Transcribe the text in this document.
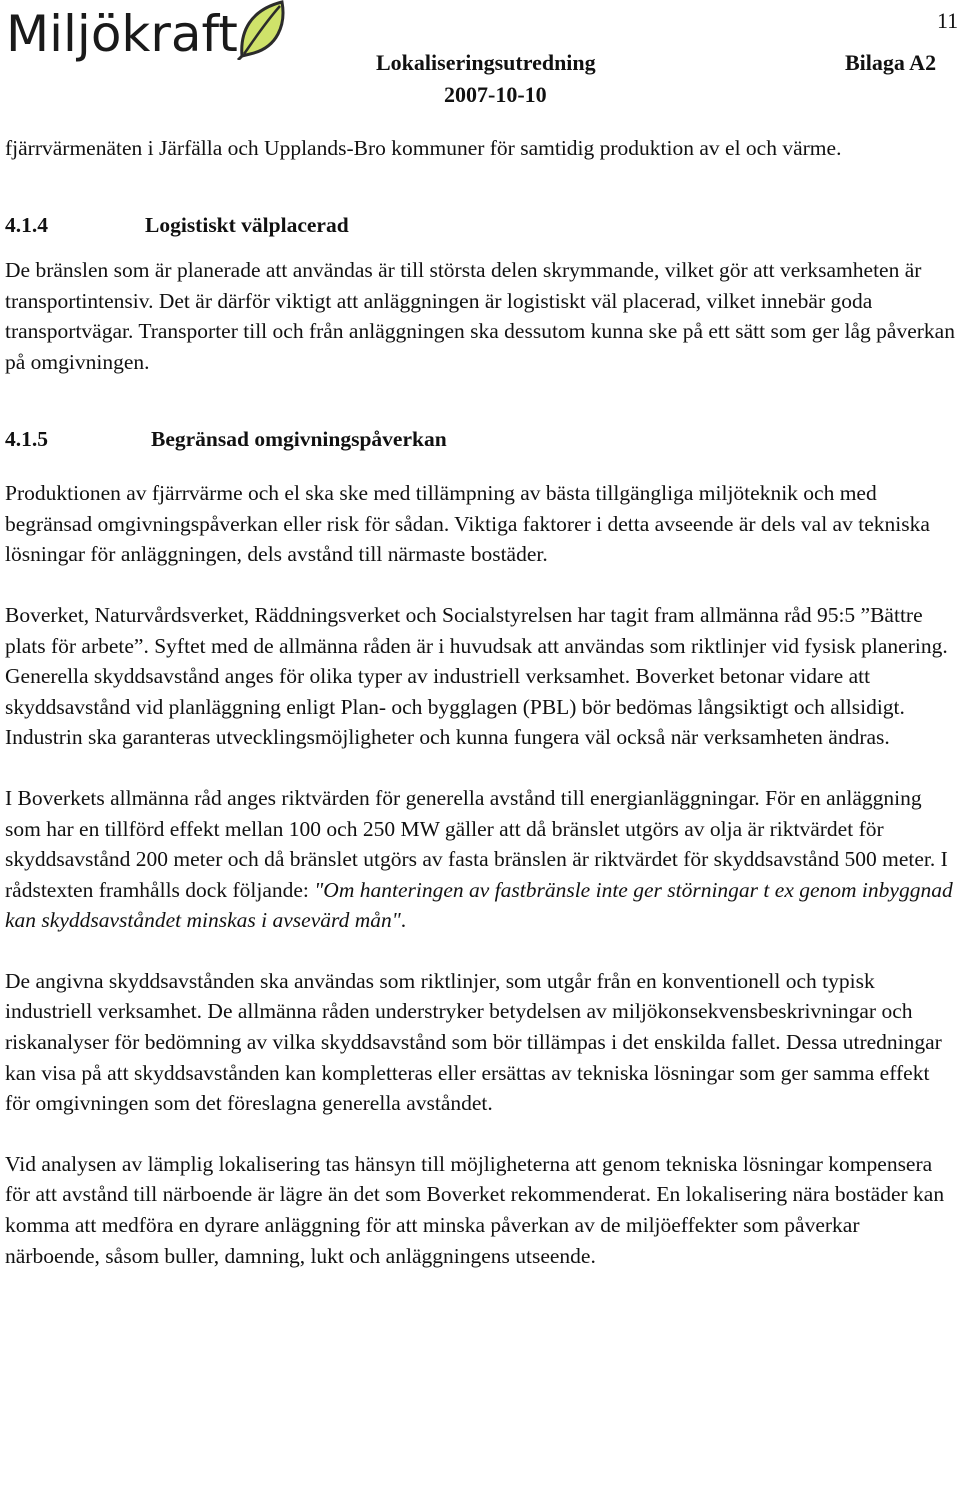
Miljökraft	11
Lokaliseringsutredning	Bilaga A2
2007-10-10

fjärrvärmenäten i Järfälla och Upplands-Bro kommuner för samtidig produktion av el och värme.

4.1.4	Logistiskt välplacerad

De bränslen som är planerade att användas är till största delen skrymmande, vilket gör att verksamheten är transportintensiv. Det är därför viktigt att anläggningen är logistiskt väl placerad, vilket innebär goda transportvägar. Transporter till och från anläggningen ska dessutom kunna ske på ett sätt som ger låg påverkan på omgivningen.

4.1.5	Begränsad omgivningspåverkan

Produktionen av fjärrvärme och el ska ske med tillämpning av bästa tillgängliga miljöteknik och med begränsad omgivningspåverkan eller risk för sådan. Viktiga faktorer i detta avseende är dels val av tekniska lösningar för anläggningen, dels avstånd till närmaste bostäder.

Boverket, Naturvårdsverket, Räddningsverket och Socialstyrelsen har tagit fram allmänna råd 95:5 ”Bättre plats för arbete”. Syftet med de allmänna råden är i huvudsak att användas som riktlinjer vid fysisk planering. Generella skyddsavstånd anges för olika typer av industriell verksamhet. Boverket betonar vidare att skyddsavstånd vid planläggning enligt Plan- och bygglagen (PBL) bör bedömas långsiktigt och allsidigt. Industrin ska garanteras utvecklingsmöjligheter och kunna fungera väl också när verksamheten ändras.

I Boverkets allmänna råd anges riktvärden för generella avstånd till energianläggningar. För en anläggning som har en tillförd effekt mellan 100 och 250 MW gäller att då bränslet utgörs av olja är riktvärdet för skyddsavstånd 200 meter och då bränslet utgörs av fasta bränslen är riktvärdet för skyddsavstånd 500 meter. I rådstexten framhålls dock följande: "Om hanteringen av fastbränsle inte ger störningar t ex genom inbyggnad kan skyddsavståndet minskas i avsevärd mån".

De angivna skyddsavstånden ska användas som riktlinjer, som utgår från en konventionell och typisk industriell verksamhet. De allmänna råden understryker betydelsen av miljökonsekvensbeskrivningar och riskanalyser för bedömning av vilka skyddsavstånd som bör tillämpas i det enskilda fallet. Dessa utredningar kan visa på att skyddsavstånden kan kompletteras eller ersättas av tekniska lösningar som ger samma effekt för omgivningen som det föreslagna generella avståndet.

Vid analysen av lämplig lokalisering tas hänsyn till möjligheterna att genom tekniska lösningar kompensera för att avstånd till närboende är lägre än det som Boverket rekommenderat. En lokalisering nära bostäder kan komma att medföra en dyrare anläggning för att minska påverkan av de miljöeffekter som påverkar närboende, såsom buller, damning, lukt och anläggningens utseende.
